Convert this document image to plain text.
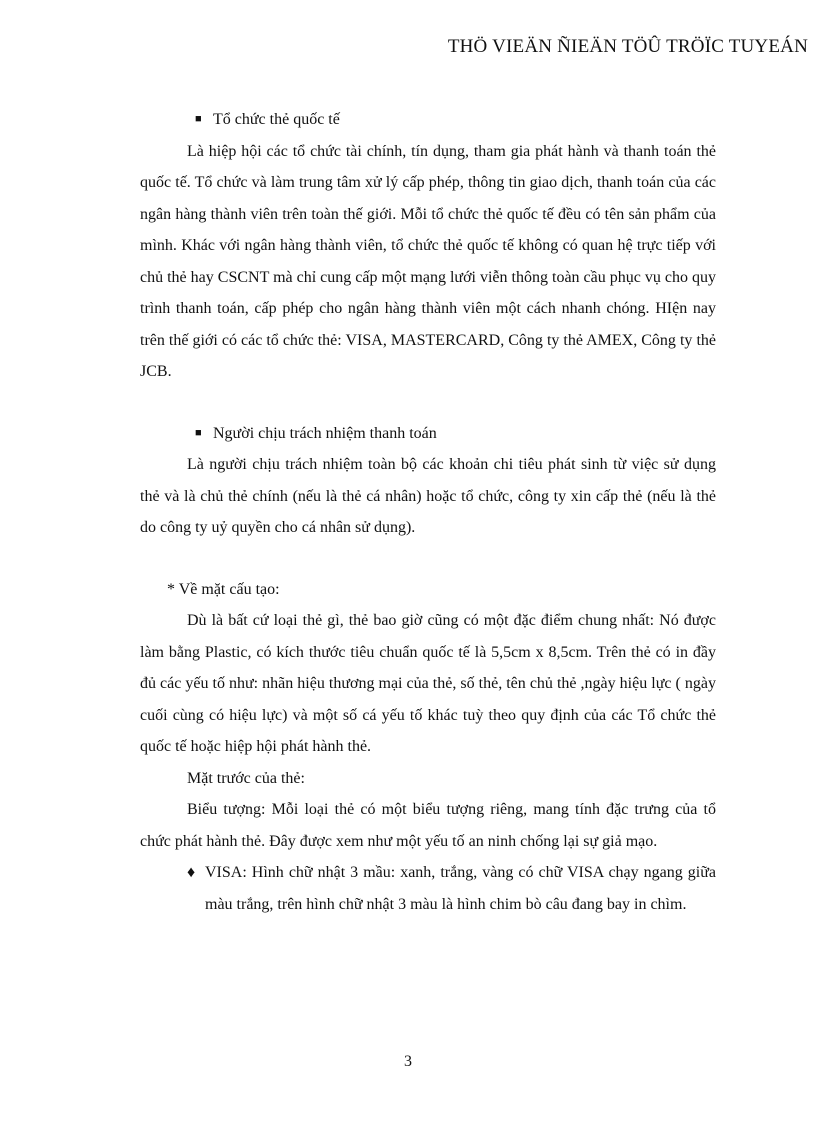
THÖ VIEÄN ÑIEÄN TÖÛ TRÖÏC TUYEÁN

■ Tổ chức thẻ quốc tế

Là hiệp hội các tổ chức tài chính, tín dụng, tham gia phát hành và thanh toán thẻ quốc tế. Tổ chức và làm trung tâm xử lý cấp phép, thông tin giao dịch, thanh toán của các ngân hàng thành viên trên toàn thế giới. Mỗi tổ chức thẻ quốc tế đều có tên sản phẩm của mình. Khác với ngân hàng thành viên, tổ chức thẻ quốc tế không có quan hệ trực tiếp với chủ thẻ hay CSCNT mà chỉ cung cấp một mạng lưới viễn thông toàn cầu phục vụ cho quy trình thanh toán, cấp phép cho ngân hàng thành viên một cách nhanh chóng. HIện nay trên thế giới có các tổ chức thẻ: VISA, MASTERCARD, Công ty thẻ AMEX, Công ty thẻ JCB.

■ Người chịu trách nhiệm thanh toán

Là người chịu trách nhiệm toàn bộ các khoản chi tiêu phát sinh từ việc sử dụng thẻ và là chủ thẻ chính (nếu là thẻ cá nhân) hoặc tổ chức, công ty xin cấp thẻ (nếu là thẻ do công ty uỷ quyền cho cá nhân sử dụng).

* Về mặt cấu tạo:

Dù là bất cứ loại thẻ gì, thẻ bao giờ cũng có một đặc điểm chung nhất: Nó được làm bằng Plastic, có kích thước tiêu chuẩn quốc tế là 5,5cm x 8,5cm. Trên thẻ có in đầy đủ các yếu tố như: nhãn hiệu thương mại của thẻ, số thẻ, tên chủ thẻ ,ngày hiệu lực ( ngày cuối cùng có hiệu lực) và một số cá yếu tố khác tuỳ theo quy định của các Tổ chức thẻ quốc tế hoặc hiệp hội phát hành thẻ.

Mặt trước của thẻ:

Biểu tượng: Mỗi loại thẻ có một biểu tượng riêng, mang tính đặc trưng của tổ chức phát hành thẻ. Đây được xem như một yếu tố an ninh chống lại sự giả mạo.

♦ VISA: Hình chữ nhật 3 mầu: xanh, trắng, vàng có chữ VISA chạy ngang giữa màu trắng, trên hình chữ nhật 3 màu là hình chim bò câu đang bay in chìm.

3
